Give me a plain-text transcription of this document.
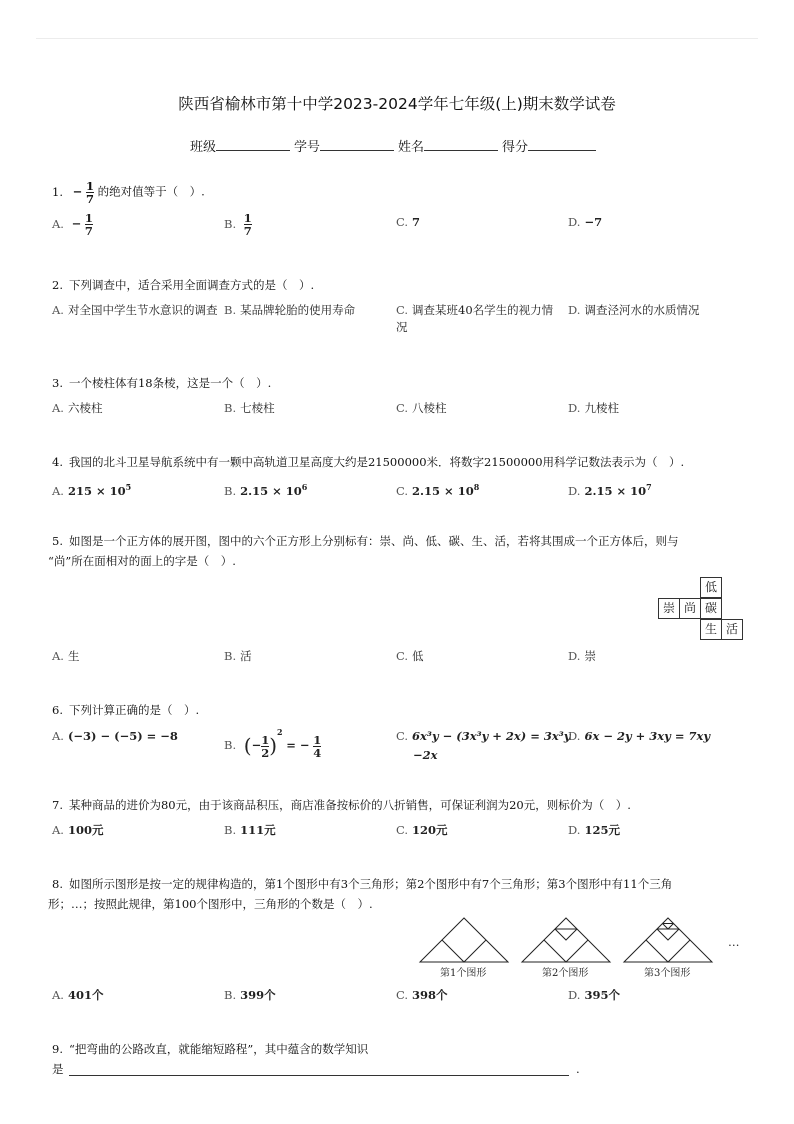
陕西省榆林市第十中学2023-2024学年七年级(上)期末数学试卷
班级	学号	姓名	得分
1. − $\frac{1}{7}$ 的绝对值等于（　）.
A. − $\frac{1}{7}$	B. $\frac{1}{7}$	C. 7	D. −7
2. 下列调查中，适合采用全面调查方式的是（　）.
A. 对全国中学生节水意识的调查 B. 某品牌轮胎的使用寿命	C. 调查某班40名学生的视力情况
D. 调查泾河水的水质情况
3. 一个棱柱体有18条棱，这是一个（　）.
A. 六棱柱	B. 七棱柱	C. 八棱柱	D. 九棱柱
4. 我国的北斗卫星导航系统中有一颗中高轨道卫星高度大约是21500000米．将数字21500000用科学记数法表示为（　）.
A. $215 \times 10^5$	B. $2.15 \times 10^6$	C. $2.15 \times 10^8$	D. $2.15 \times 10^7$
5. 如图是一个正方体的展开图，图中的六个正方形上分别标有：崇、尚、低、碳、生、活，若将其围成一个正方体后，则与
“尚”所在面相对的面上的字是（　）.
低
崇 尚 碳
生 活
A. 生	B. 活	C. 低	D. 崇
6. 下列计算正确的是（　）.
A. (−3) − (−5) = −8
B. (− $\frac{1}{2} )^2$ = − $\frac{1}{4}$	C. 6x³y − (3x³y + 2x) = 3x³y
−2x
D. 6x − 2y + 3xy = 7xy
7. 某种商品的进价为80元，由于该商品积压，商店准备按标价的八折销售，可保证利润为20元，则标价为（　）.
A. 100元	B. 111元	C. 120元	D. 125元
8. 如图所示图形是按一定的规律构造的，第1个图形中有3个三角形；第2个图形中有7个三角形；第3个图形中有11个三角
形；…；按照此规律，第100个图形中，三角形的个数是（　）.
第1个图形	第2个图形	第3个图形
…
A. 401个	B. 399个	C. 398个	D. 395个
9. “把弯曲的公路改直，就能缩短路程”，其中蕴含的数学知识
是	.
